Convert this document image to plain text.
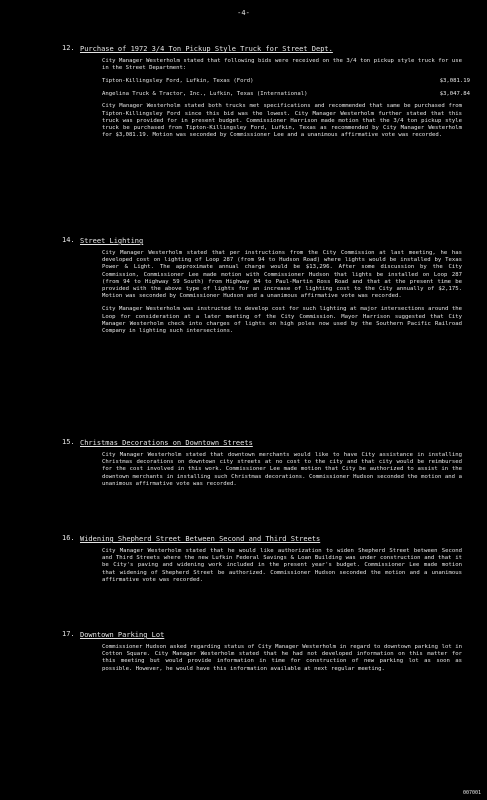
-4-
12. Purchase of 1972 3/4 Ton Pickup Style Truck for Street Dept.
City Manager Westerholm stated that following bids were received on the 3/4 ton pickup style truck for use in the Street Department:
Tipton-Killingsley Ford, Lufkin, Texas (Ford)	$3,081.19
Angelina Truck & Tractor, Inc., Lufkin, Texas (International)	$3,047.84
City Manager Westerholm stated both trucks met specifications and recommended that same be purchased from Tipton-Killingsley Ford since this bid was the lowest. City Manager Westerholm further stated that this truck was provided for in present budget. Commissioner Harrison made motion that the 3/4 ton pickup style truck be purchased from Tipton-Killingsley Ford, Lufkin, Texas as recommended by City Manager Westerholm for $3,081.19. Motion was seconded by Commissioner Lee and a unanimous affirmative vote was recorded.
14. Street Lighting
City Manager Westerholm stated that per instructions from the City Commission at last meeting, he has developed cost on lighting of Loop 287 (from 94 to Hudson Road) where lights would be installed by Texas Power & Light. The approximate annual charge would be $13,296. After some discussion by the City Commission, Commissioner Lee made motion with Commissioner Hudson that lights be installed on Loop 287 (from 94 to Highway 59 South) from Highway 94 to Paul-Martin Ross Road and that at the present time be provided with the above type of lights for an increase of lighting cost to the City annually of $2,175. Motion was seconded by Commissioner Hudson and a unanimous affirmative vote was recorded.
City Manager Westerholm was instructed to develop cost for such lighting at major intersections around the Loop for consideration at a later meeting of the City Commission. Mayor Harrison suggested that City Manager Westerholm check into charges of lights on high poles now used by the Southern Pacific Railroad Company in lighting such intersections.
15. Christmas Decorations on Downtown Streets
City Manager Westerholm stated that downtown merchants would like to have City assistance in installing Christmas decorations on downtown city streets at no cost to the city and that city would be reimbursed for the cost involved in this work. Commissioner Lee made motion that City be authorized to assist in the downtown merchants in installing such Christmas decorations. Commissioner Hudson seconded the motion and a unanimous affirmative vote was recorded.
16. Widening Shepherd Street Between Second and Third Streets
City Manager Westerholm stated that he would like authorization to widen Shepherd Street between Second and Third Streets where the new Lufkin Federal Savings & Loan Building was under construction and that it be City's paving and widening work included in the present year's budget. Commissioner Lee made motion that widening of Shepherd Street be authorized. Commissioner Hudson seconded the motion and a unanimous affirmative vote was recorded.
17. Downtown Parking Lot
Commissioner Hudson asked regarding status of City Manager Westerholm in regard to downtown parking lot in Cotton Square. City Manager Westerholm stated that he had not developed information on this matter for this meeting but would provide information in time for construction of new parking lot as soon as possible. However, he would have this information available at next regular meeting.
007001
